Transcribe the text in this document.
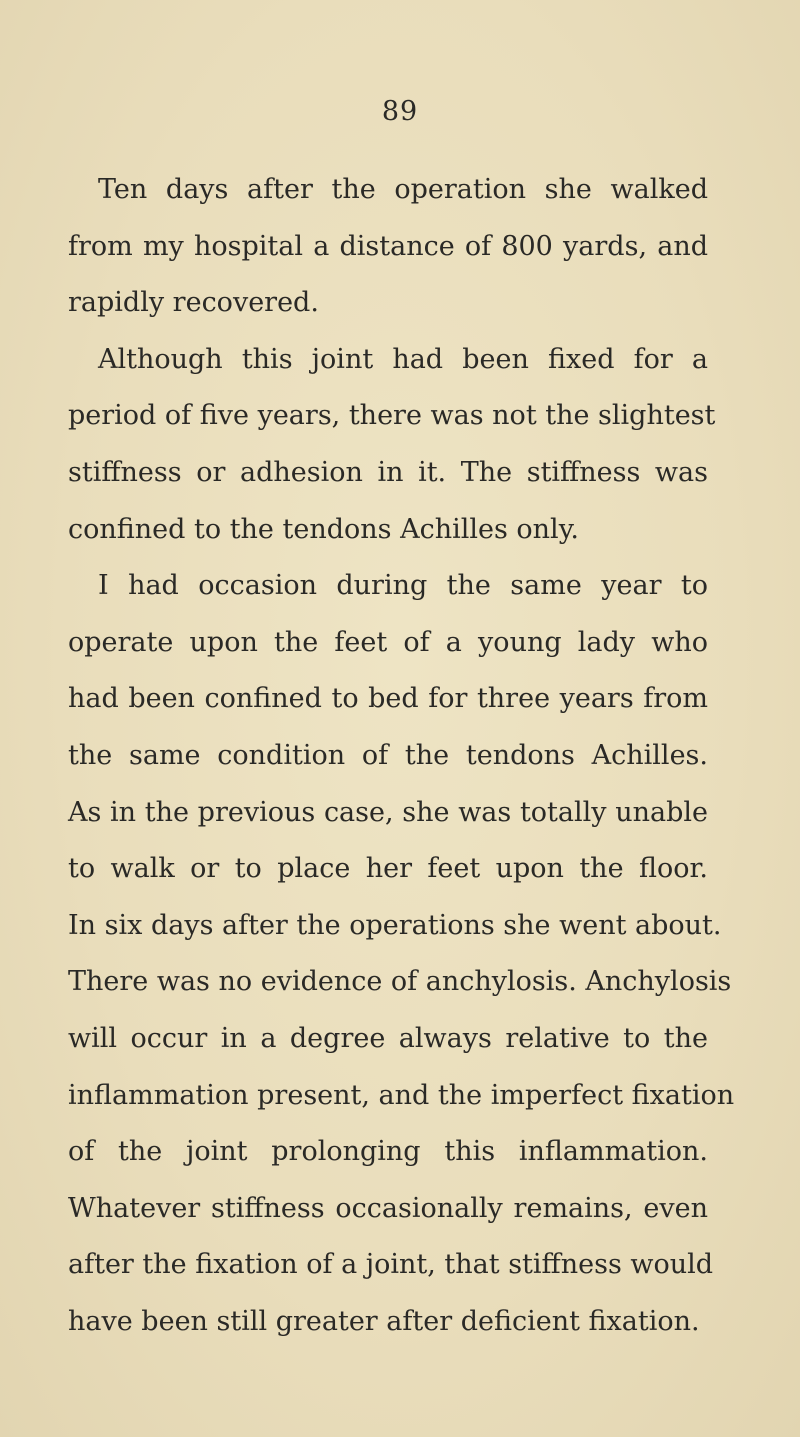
89
Ten days after the operation she walked
from my hospital a distance of 800 yards, and
rapidly recovered.
Although this joint had been fixed for a
period of five years, there was not the slightest
stiffness or adhesion in it. The stiffness was
confined to the tendons Achilles only.
I had occasion during the same year to
operate upon the feet of a young lady who
had been confined to bed for three years from
the same condition of the tendons Achilles.
As in the previous case, she was totally unable
to walk or to place her feet upon the floor.
In six days after the operations she went about.
There was no evidence of anchylosis. Anchylosis
will occur in a degree always relative to the
inflammation present, and the imperfect fixation
of the joint prolonging this inflammation.
Whatever stiffness occasionally remains, even
after the fixation of a joint, that stiffness would
have been still greater after deficient fixation.
